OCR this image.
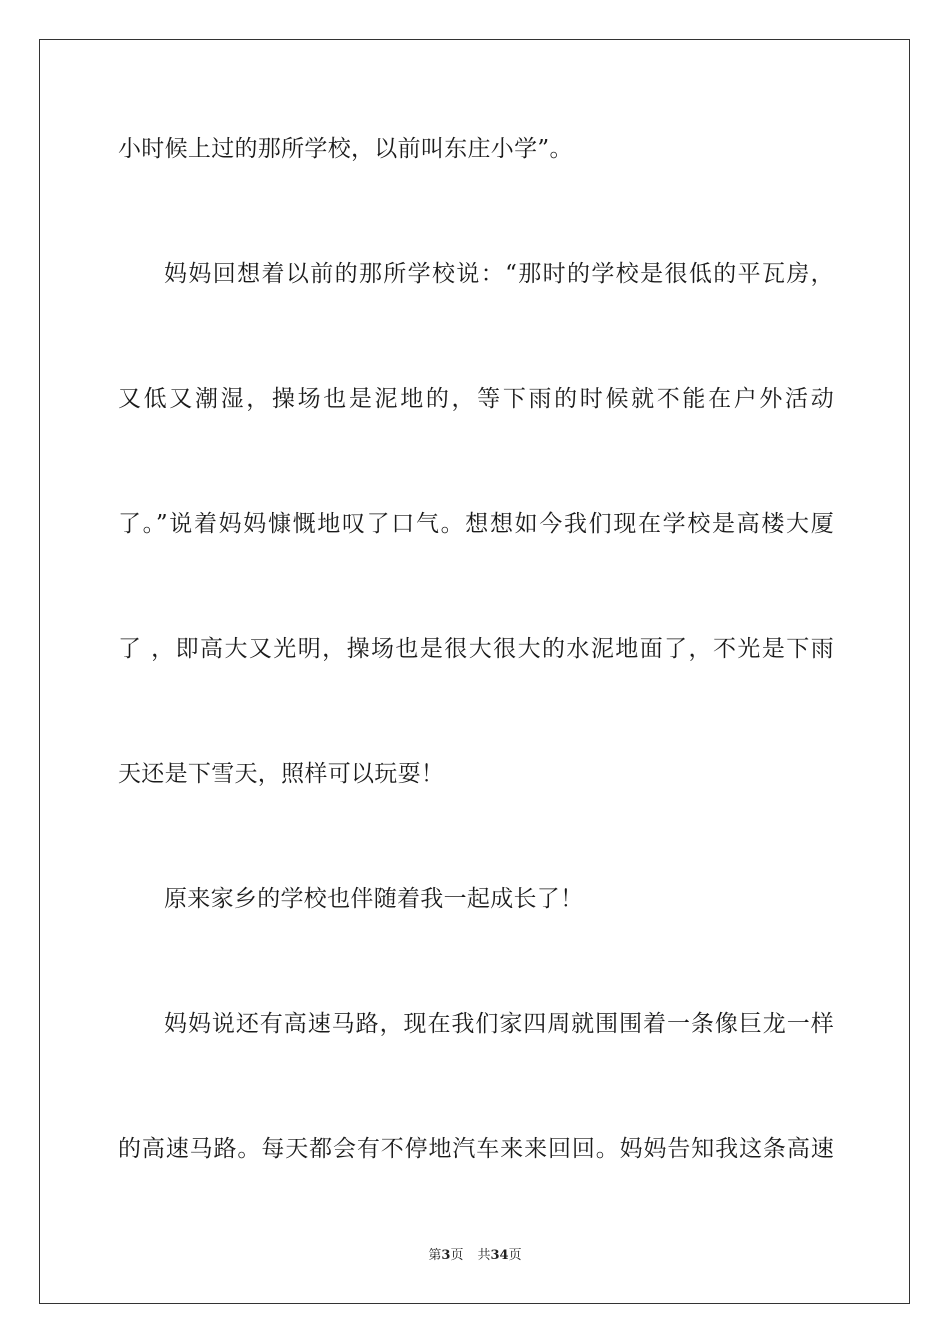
小时候上过的那所学校，以前叫东庄小学”。
妈妈回想着以前的那所学校说：“那时的学校是很低的平瓦房，
又低又潮湿，操场也是泥地的，等下雨的时候就不能在户外活动
了。”说着妈妈慷慨地叹了口气。想想如今我们现在学校是高楼大厦
了 ，即高大又光明，操场也是很大很大的水泥地面了，不光是下雨
天还是下雪天，照样可以玩耍！
原来家乡的学校也伴随着我一起成长了！
妈妈说还有高速马路，现在我们家四周就围围着一条像巨龙一样
的高速马路。每天都会有不停地汽车来来回回。妈妈告知我这条高速
第3页 共34页
